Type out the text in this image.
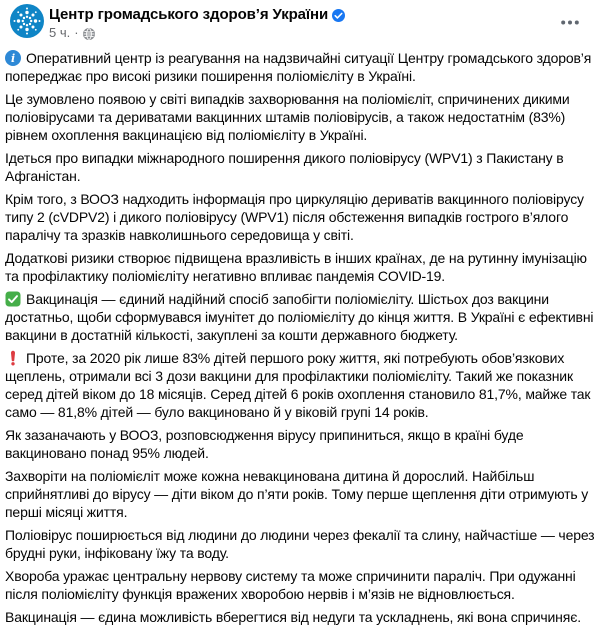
Центр громадського здоров’я України
5 ч. ·

i Оперативний центр із реагування на надзвичайні ситуації Центру громадського здоров’я попереджає про високі ризики поширення поліомієліту в Україні.

Це зумовлено появою у світі випадків захворювання на поліомієліт, спричинених дикими поліовірусами та дериватами вакцинних штамів поліовірусів, а також недостатнім (83%) рівнем охоплення вакцинацією від поліомієліту в Україні.

Ідеться про випадки міжнародного поширення дикого поліовірусу (WPV1) з Пакистану в Афганістан.

Крім того, з ВООЗ надходить інформація про циркуляцію дериватів вакцинного поліовірусу типу 2 (cVDPV2) і дикого поліовірусу (WPV1) після обстеження випадків гострого в’ялого паралічу та зразків навколишнього середовища у світі.

Додаткові ризики створює підвищена вразливість в інших країнах, де на рутинну імунізацію та профілактику поліомієліту негативно впливає пандемія COVID-19.

Вакцинація — єдиний надійний спосіб запобігти поліомієліту. Шістьох доз вакцини достатньо, щоби сформувався імунітет до поліомієліту до кінця життя. В Україні є ефективні вакцини в достатній кількості, закуплені за кошти державного бюджету.

Проте, за 2020 рік лише 83% дітей першого року життя, які потребують обов’язкових щеплень, отримали всі 3 дози вакцини для профілактики поліомієліту. Такий же показник серед дітей віком до 18 місяців. Серед дітей 6 років охоплення становило 81,7%, майже так само — 81,8% дітей — було вакциновано й у віковій групі 14 років.

Як зазаначають у ВООЗ, розповсюдження вірусу припиниться, якщо в країні буде вакциновано понад 95% людей.

Захворіти на поліомієліт може кожна невакцинована дитина й дорослий. Найбільш сприйнятливі до вірусу — діти віком до п’яти років. Тому перше щеплення діти отримують у перші місяці життя.

Поліовірус поширюється від людини до людини через фекалії та слину, найчастіше — через брудні руки, інфіковану їжу та воду.

Хвороба уражає центральну нервову систему та може спричинити параліч. При одужанні після поліомієліту функція вражених хворобою нервів і м’язів не відновлюється.

Вакцинація — єдина можливість вберегтися від недуги та ускладнень, які вона спричиняє.
